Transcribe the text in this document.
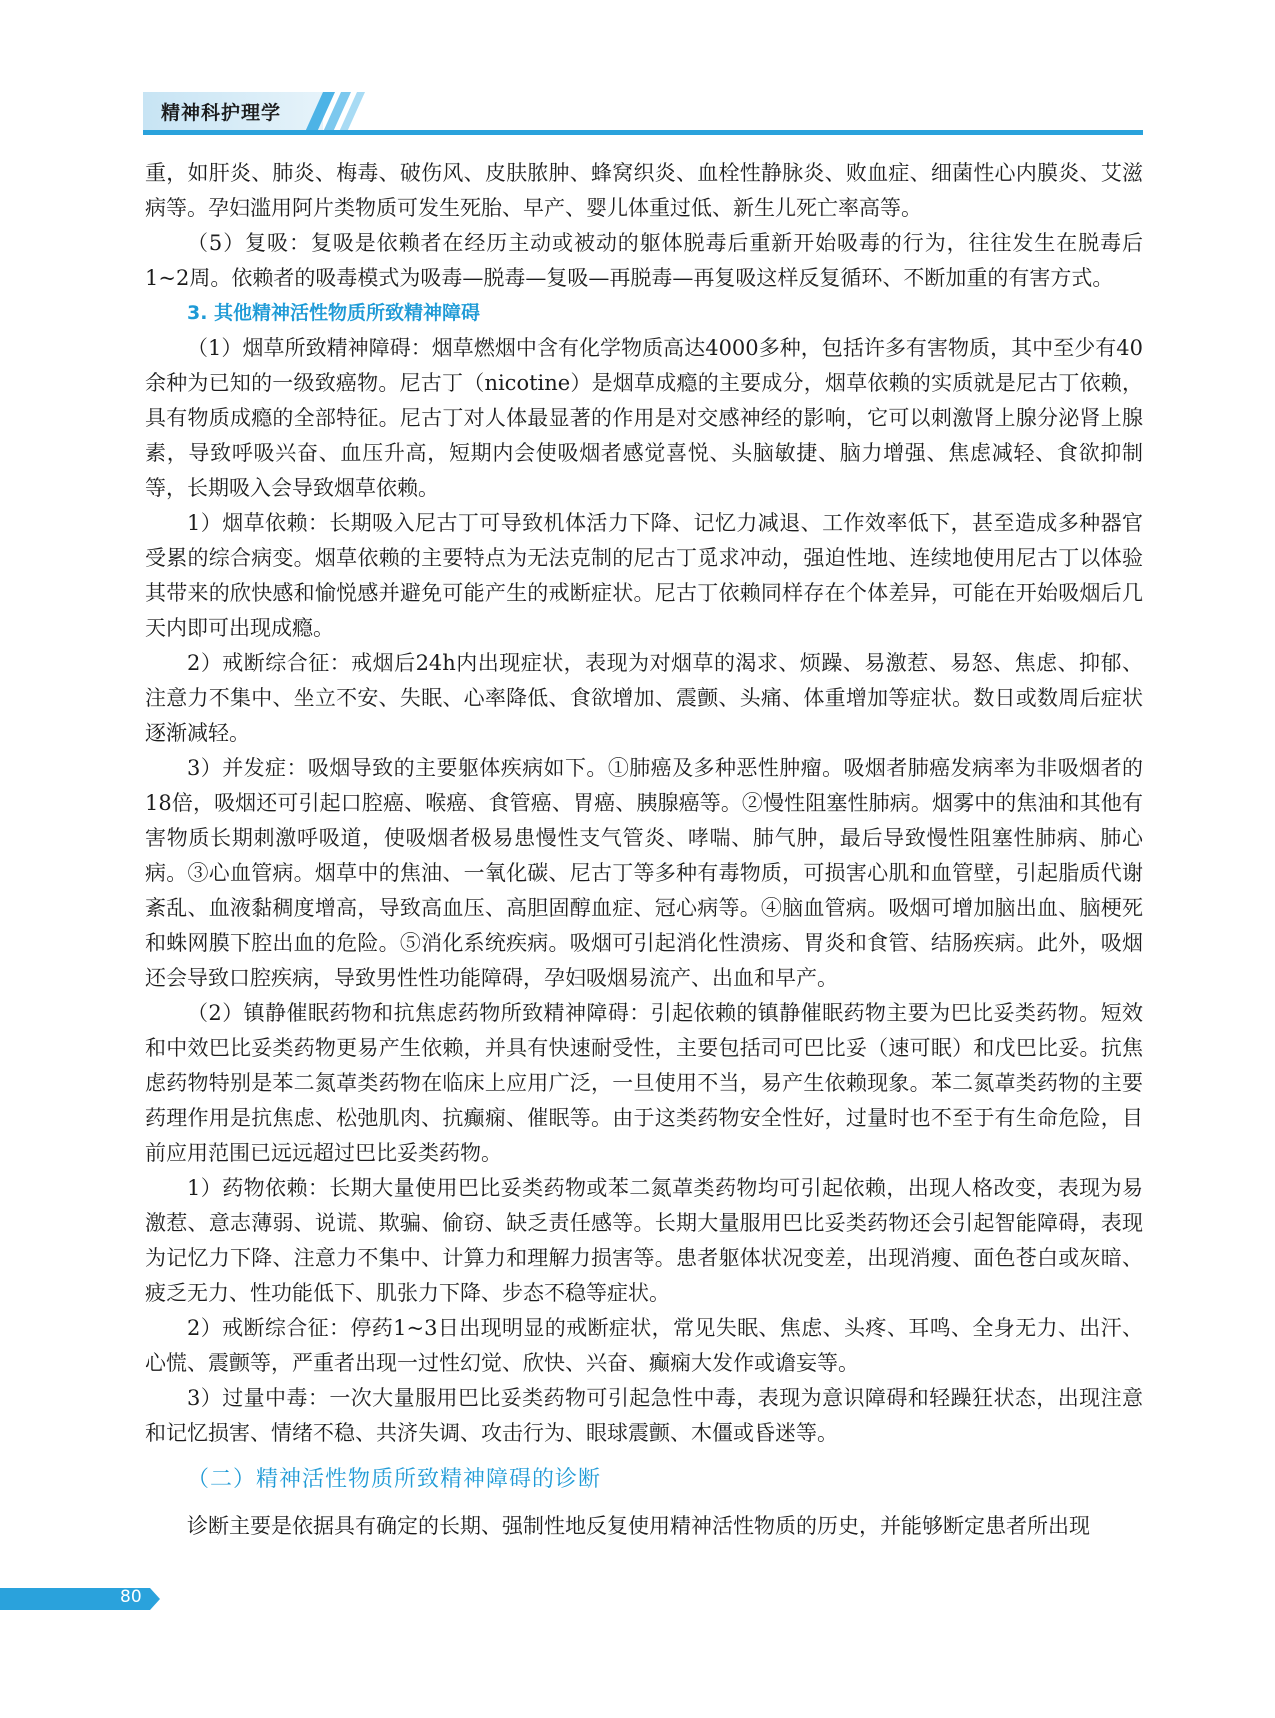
精神科护理学

重，如肝炎、肺炎、梅毒、破伤风、皮肤脓肿、蜂窝织炎、血栓性静脉炎、败血症、细菌性心内膜炎、艾滋病等。孕妇滥用阿片类物质可发生死胎、早产、婴儿体重过低、新生儿死亡率高等。

（5）复吸：复吸是依赖者在经历主动或被动的躯体脱毒后重新开始吸毒的行为，往往发生在脱毒后1~2周。依赖者的吸毒模式为吸毒—脱毒—复吸—再脱毒—再复吸这样反复循环、不断加重的有害方式。

3. 其他精神活性物质所致精神障碍

（1）烟草所致精神障碍：烟草燃烟中含有化学物质高达4000多种，包括许多有害物质，其中至少有40余种为已知的一级致癌物。尼古丁（nicotine）是烟草成瘾的主要成分，烟草依赖的实质就是尼古丁依赖，具有物质成瘾的全部特征。尼古丁对人体最显著的作用是对交感神经的影响，它可以刺激肾上腺分泌肾上腺素，导致呼吸兴奋、血压升高，短期内会使吸烟者感觉喜悦、头脑敏捷、脑力增强、焦虑减轻、食欲抑制等，长期吸入会导致烟草依赖。

1）烟草依赖：长期吸入尼古丁可导致机体活力下降、记忆力减退、工作效率低下，甚至造成多种器官受累的综合病变。烟草依赖的主要特点为无法克制的尼古丁觅求冲动，强迫性地、连续地使用尼古丁以体验其带来的欣快感和愉悦感并避免可能产生的戒断症状。尼古丁依赖同样存在个体差异，可能在开始吸烟后几天内即可出现成瘾。

2）戒断综合征：戒烟后24h内出现症状，表现为对烟草的渴求、烦躁、易激惹、易怒、焦虑、抑郁、注意力不集中、坐立不安、失眠、心率降低、食欲增加、震颤、头痛、体重增加等症状。数日或数周后症状逐渐减轻。

3）并发症：吸烟导致的主要躯体疾病如下。①肺癌及多种恶性肿瘤。吸烟者肺癌发病率为非吸烟者的18倍，吸烟还可引起口腔癌、喉癌、食管癌、胃癌、胰腺癌等。②慢性阻塞性肺病。烟雾中的焦油和其他有害物质长期刺激呼吸道，使吸烟者极易患慢性支气管炎、哮喘、肺气肿，最后导致慢性阻塞性肺病、肺心病。③心血管病。烟草中的焦油、一氧化碳、尼古丁等多种有毒物质，可损害心肌和血管壁，引起脂质代谢紊乱、血液黏稠度增高，导致高血压、高胆固醇血症、冠心病等。④脑血管病。吸烟可增加脑出血、脑梗死和蛛网膜下腔出血的危险。⑤消化系统疾病。吸烟可引起消化性溃疡、胃炎和食管、结肠疾病。此外，吸烟还会导致口腔疾病，导致男性性功能障碍，孕妇吸烟易流产、出血和早产。

（2）镇静催眠药物和抗焦虑药物所致精神障碍：引起依赖的镇静催眠药物主要为巴比妥类药物。短效和中效巴比妥类药物更易产生依赖，并具有快速耐受性，主要包括司可巴比妥（速可眠）和戊巴比妥。抗焦虑药物特别是苯二氮䓬类药物在临床上应用广泛，一旦使用不当，易产生依赖现象。苯二氮䓬类药物的主要药理作用是抗焦虑、松弛肌肉、抗癫痫、催眠等。由于这类药物安全性好，过量时也不至于有生命危险，目前应用范围已远远超过巴比妥类药物。

1）药物依赖：长期大量使用巴比妥类药物或苯二氮䓬类药物均可引起依赖，出现人格改变，表现为易激惹、意志薄弱、说谎、欺骗、偷窃、缺乏责任感等。长期大量服用巴比妥类药物还会引起智能障碍，表现为记忆力下降、注意力不集中、计算力和理解力损害等。患者躯体状况变差，出现消瘦、面色苍白或灰暗、疲乏无力、性功能低下、肌张力下降、步态不稳等症状。

2）戒断综合征：停药1~3日出现明显的戒断症状，常见失眠、焦虑、头疼、耳鸣、全身无力、出汗、心慌、震颤等，严重者出现一过性幻觉、欣快、兴奋、癫痫大发作或谵妄等。

3）过量中毒：一次大量服用巴比妥类药物可引起急性中毒，表现为意识障碍和轻躁狂状态，出现注意和记忆损害、情绪不稳、共济失调、攻击行为、眼球震颤、木僵或昏迷等。

（二）精神活性物质所致精神障碍的诊断

诊断主要是依据具有确定的长期、强制性地反复使用精神活性物质的历史，并能够断定患者所出现

80
